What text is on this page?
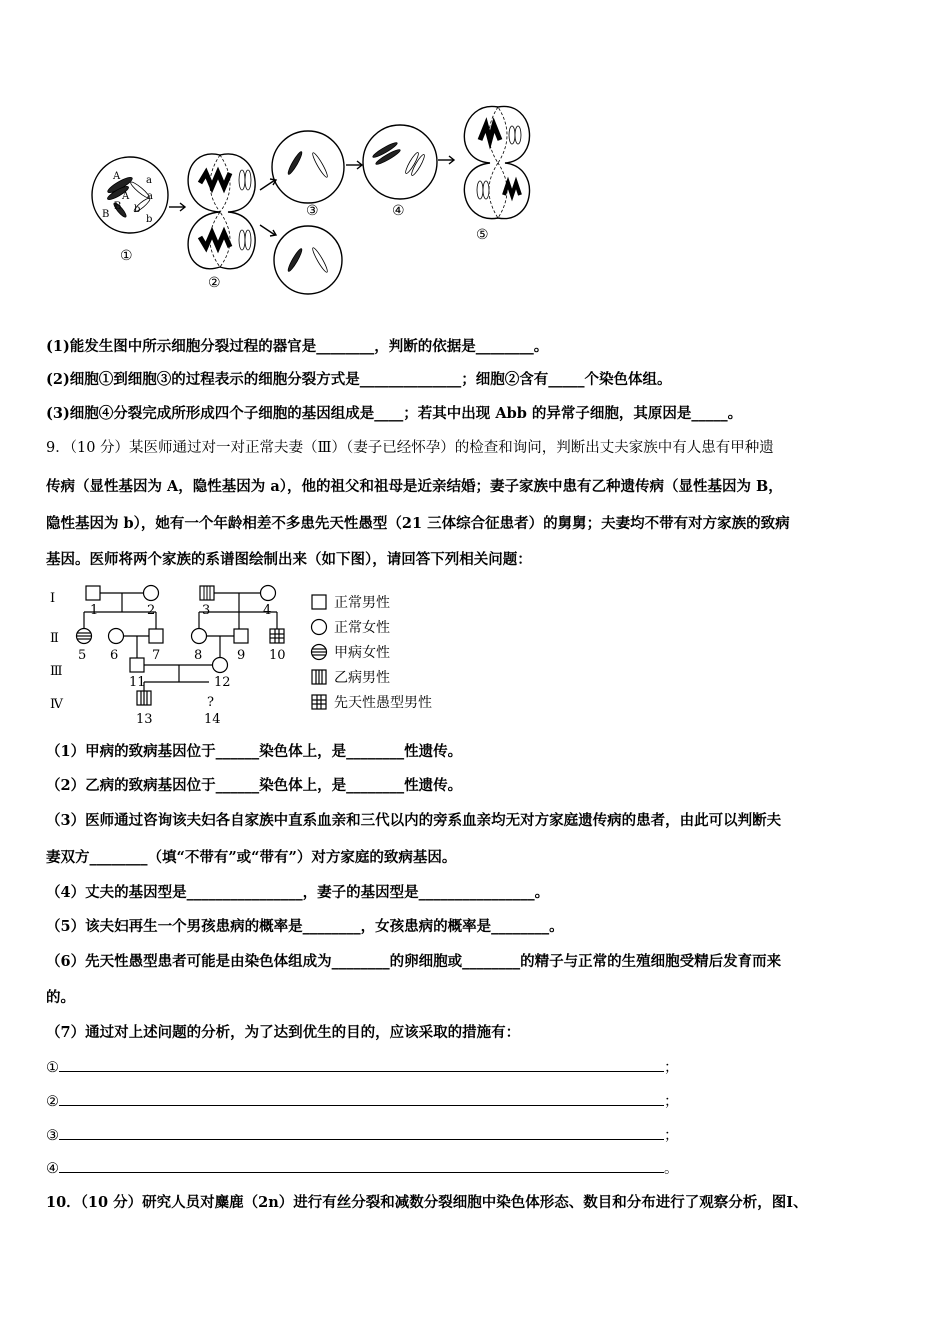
A	a
A a
B
B b
b
①
②
③	④
⑤
(1)能发生图中所示细胞分裂过程的器官是________，判断的依据是________。
(2)细胞①到细胞③的过程表示的细胞分裂方式是______________；细胞②含有_____个染色体组。
(3)细胞④分裂完成所形成四个子细胞的基因组成是____；若其中出现 Abb 的异常子细胞，其原因是_____。
9．（10 分）某医师通过对一对正常夫妻（Ⅲ）（妻子已经怀孕）的检查和询问，判断出丈夫家族中有人患有甲种遗
传病（显性基因为 A，隐性基因为 a），他的祖父和祖母是近亲结婚；妻子家族中患有乙种遗传病（显性基因为 B，
隐性基因为 b），她有一个年龄相差不多患先天性愚型（21 三体综合征患者）的舅舅；夫妻均不带有对方家族的致病
基因。医师将两个家族的系谱图绘制出来（如下图），请回答下列相关问题：
Ⅰ
Ⅱ
Ⅲ
Ⅳ
1	2	3	4
5 6	7	8	9 10
11	12
13	14
?
正常男性
正常女性
甲病女性
乙病男性
先天性愚型男性
（1）甲病的致病基因位于______染色体上，是________性遗传。
（2）乙病的致病基因位于______染色体上，是________性遗传。
（3）医师通过咨询该夫妇各自家族中直系血亲和三代以内的旁系血亲均无对方家庭遗传病的患者，由此可以判断夫
妻双方________（填“不带有”或“带有”）对方家庭的致病基因。
（4）丈夫的基因型是________________，妻子的基因型是________________。
（5）该夫妇再生一个男孩患病的概率是________，女孩患病的概率是________。
（6）先天性愚型患者可能是由染色体组成为________的卵细胞或________的精子与正常的生殖细胞受精后发育而来
的。
（7）通过对上述问题的分析，为了达到优生的目的，应该采取的措施有：
①	；
②	；
③	；
④	。
10．（10 分）研究人员对麋鹿（2n）进行有丝分裂和减数分裂细胞中染色体形态、数目和分布进行了观察分析，图Ⅰ、
